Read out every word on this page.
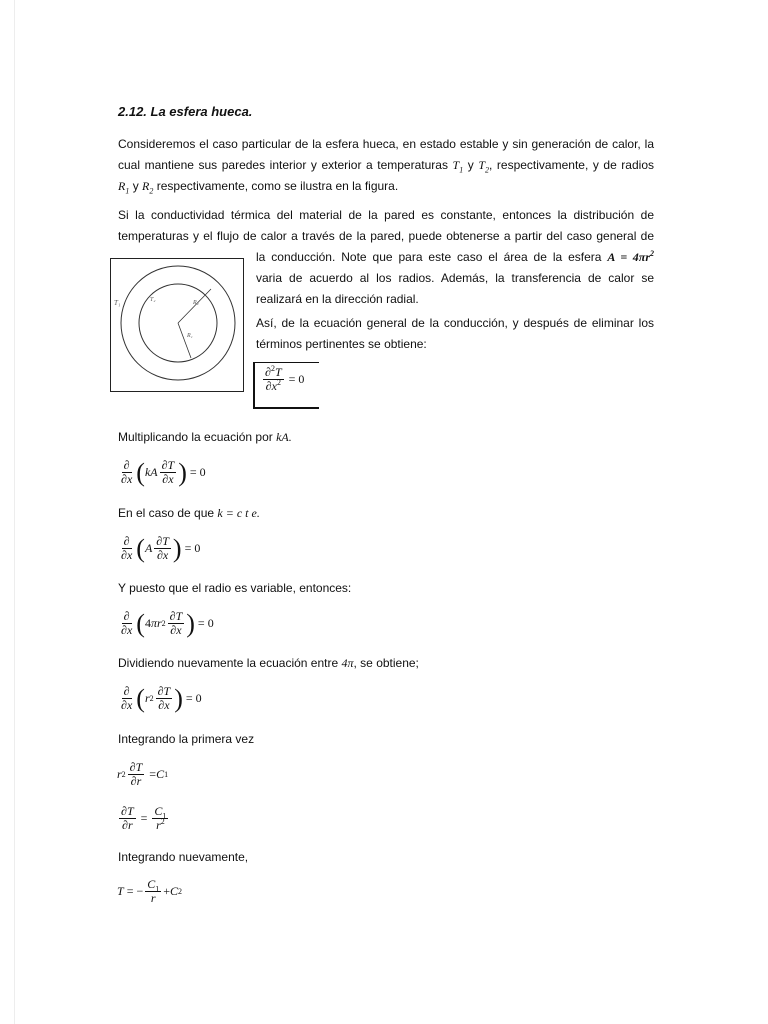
2.12. La esfera hueca.
Consideremos el caso particular de la esfera hueca, en estado estable y sin generación de calor, la
cual mantiene sus paredes interior y exterior a temperaturas $T_1$ y $T_2$, respectivamente, y de radios
$R_1$ y $R_2$ respectivamente, como se ilustra en la figura.
Si la conductividad térmica del material de la pared es constante, entonces la distribución de
temperaturas y el flujo de calor a través de la pared, puede obtenerse a partir del caso general de
la conducción. Note que para este caso el área de la esfera $A = 4\pi r^2$
varia de acuerdo al los radios. Además, la transferencia de calor se
realizará en la dirección radial.
Así, de la ecuación general de la conducción, y después de eliminar los
términos pertinentes se obtiene:
T₁	T₂	R₂
R₁
$\frac{\partial^2T}{\partial x^2} = 0$
Multiplicando la ecuación por kA.
$\frac{\partial}{\partial x}$ ( kA $\frac{\partial T}{\partial x}$ ) = 0
En el caso de que k = c t e.
$\frac{\partial}{\partial x}$ ( A $\frac{\partial T}{\partial x}$ ) = 0
Y puesto que el radio es variable, entonces:
$\frac{\partial}{\partial x}$ ( 4 πr $2 \frac{\partial T}{\partial x}$ ) = 0
Dividiendo nuevamente la ecuación entre 4π, se obtiene;
$\frac{\partial}{\partial x}$ ( r $2 \frac{\partial T}{\partial x}$ ) = 0
Integrando la primera vez
r $2 \frac{\partial T}{\partial r} = C$ 1
$\frac{\partial T}{\partial r} = \frac{C_1}{r^2}$
Integrando nuevamente,
T = − $\frac{C_1}{r} + C$ 2
